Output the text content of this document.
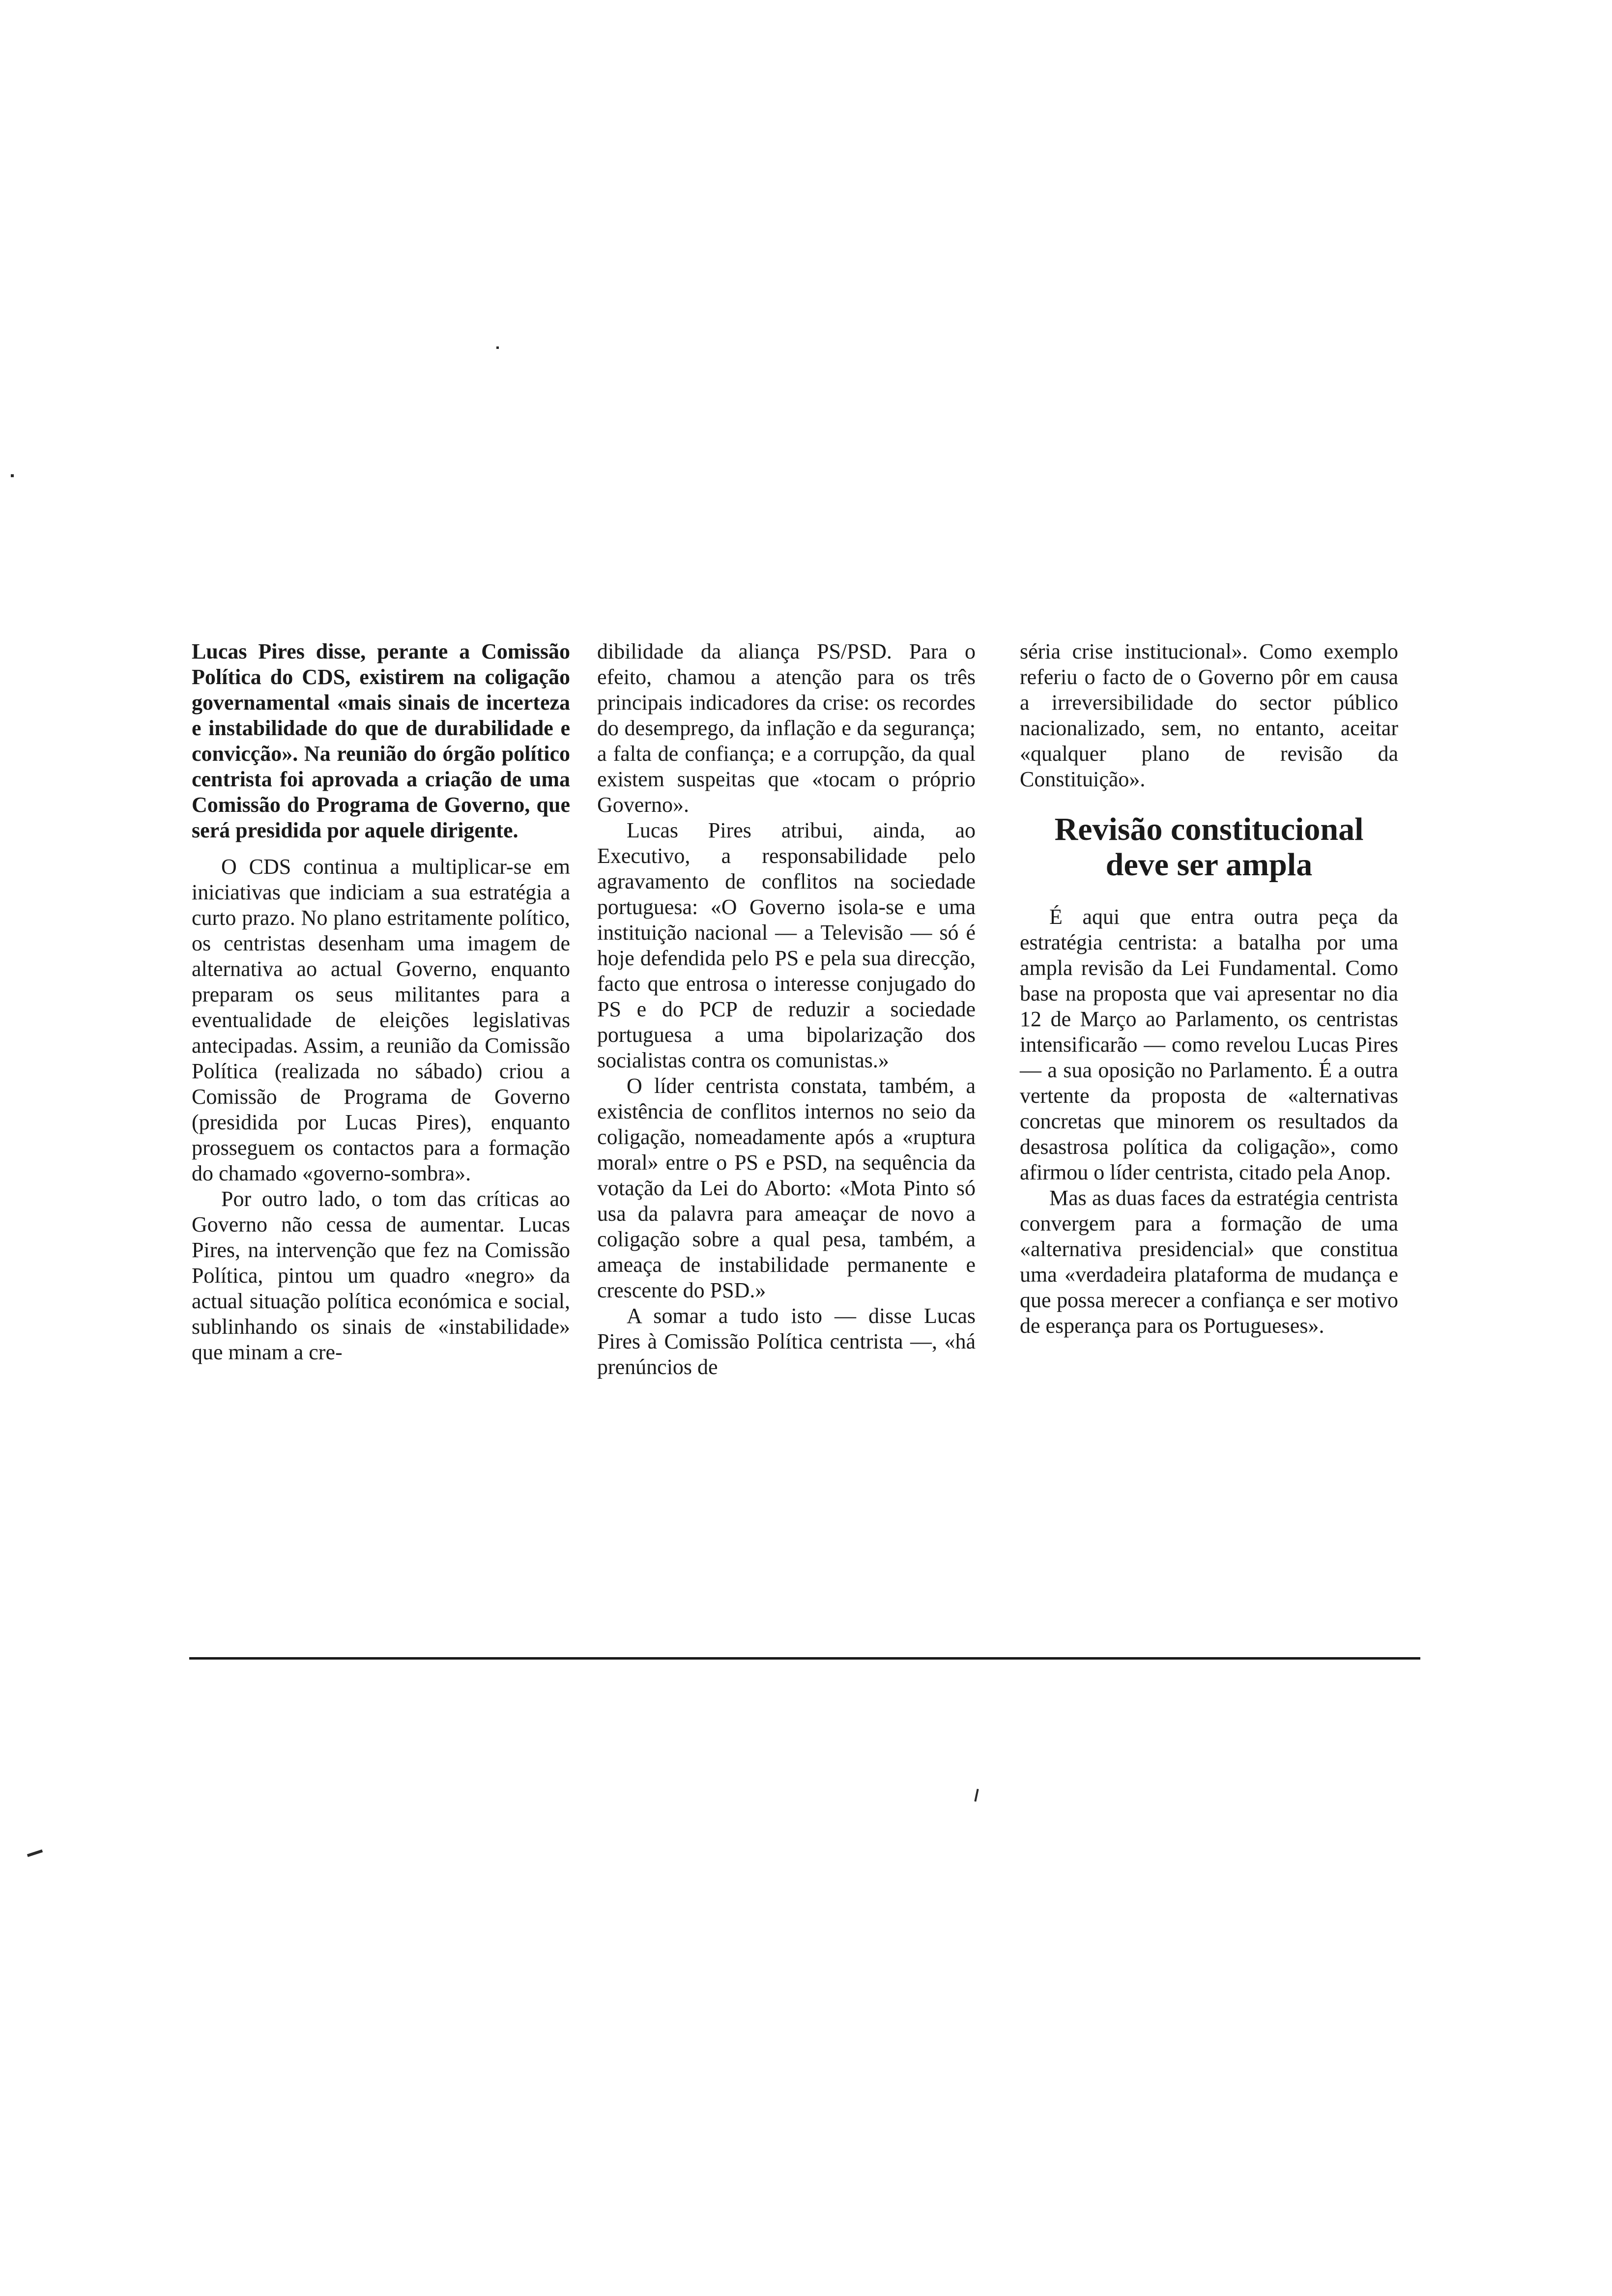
Lucas Pires disse, perante a Comissão Política do CDS, existirem na coligação governamental «mais sinais de incerteza e instabilidade do que de durabilidade e convicção». Na reunião do órgão político centrista foi aprovada a criação de uma Comissão do Programa de Governo, que será presidida por aquele dirigente.

O CDS continua a multiplicar-se em iniciativas que indiciam a sua estratégia a curto prazo. No plano estritamente político, os centristas desenham uma imagem de alternativa ao actual Governo, enquanto preparam os seus militantes para a eventualidade de eleições legislativas antecipadas. Assim, a reunião da Comissão Política (realizada no sábado) criou a Comissão de Programa de Governo (presidida por Lucas Pires), enquanto prosseguem os contactos para a formação do chamado «governo-sombra».

Por outro lado, o tom das críticas ao Governo não cessa de aumentar. Lucas Pires, na intervenção que fez na Comissão Política, pintou um quadro «negro» da actual situação política económica e social, sublinhando os sinais de «instabilidade» que minam a cre-

dibilidade da aliança PS/PSD. Para o efeito, chamou a atenção para os três principais indicadores da crise: os recordes do desemprego, da inflação e da segurança; a falta de confiança; e a corrupção, da qual existem suspeitas que «tocam o próprio Governo».

Lucas Pires atribui, ainda, ao Executivo, a responsabilidade pelo agravamento de conflitos na sociedade portuguesa: «O Governo isola-se e uma instituição nacional — a Televisão — só é hoje defendida pelo PS e pela sua direcção, facto que entrosa o interesse conjugado do PS e do PCP de reduzir a sociedade portuguesa a uma bipolarização dos socialistas contra os comunistas.»

O líder centrista constata, também, a existência de conflitos internos no seio da coligação, nomeadamente após a «ruptura moral» entre o PS e PSD, na sequência da votação da Lei do Aborto: «Mota Pinto só usa da palavra para ameaçar de novo a coligação sobre a qual pesa, também, a ameaça de instabilidade permanente e crescente do PSD.»

A somar a tudo isto — disse Lucas Pires à Comissão Política centrista —, «há prenúncios de

séria crise institucional». Como exemplo referiu o facto de o Governo pôr em causa a irreversibilidade do sector público nacionalizado, sem, no entanto, aceitar «qualquer plano de revisão da Constituição».

Revisão constitucional deve ser ampla

É aqui que entra outra peça da estratégia centrista: a batalha por uma ampla revisão da Lei Fundamental. Como base na proposta que vai apresentar no dia 12 de Março ao Parlamento, os centristas intensificarão — como revelou Lucas Pires — a sua oposição no Parlamento. É a outra vertente da proposta de «alternativas concretas que minorem os resultados da desastrosa política da coligação», como afirmou o líder centrista, citado pela Anop.

Mas as duas faces da estratégia centrista convergem para a formação de uma «alternativa presidencial» que constitua uma «verdadeira plataforma de mudança e que possa merecer a confiança e ser motivo de esperança para os Portugueses».
